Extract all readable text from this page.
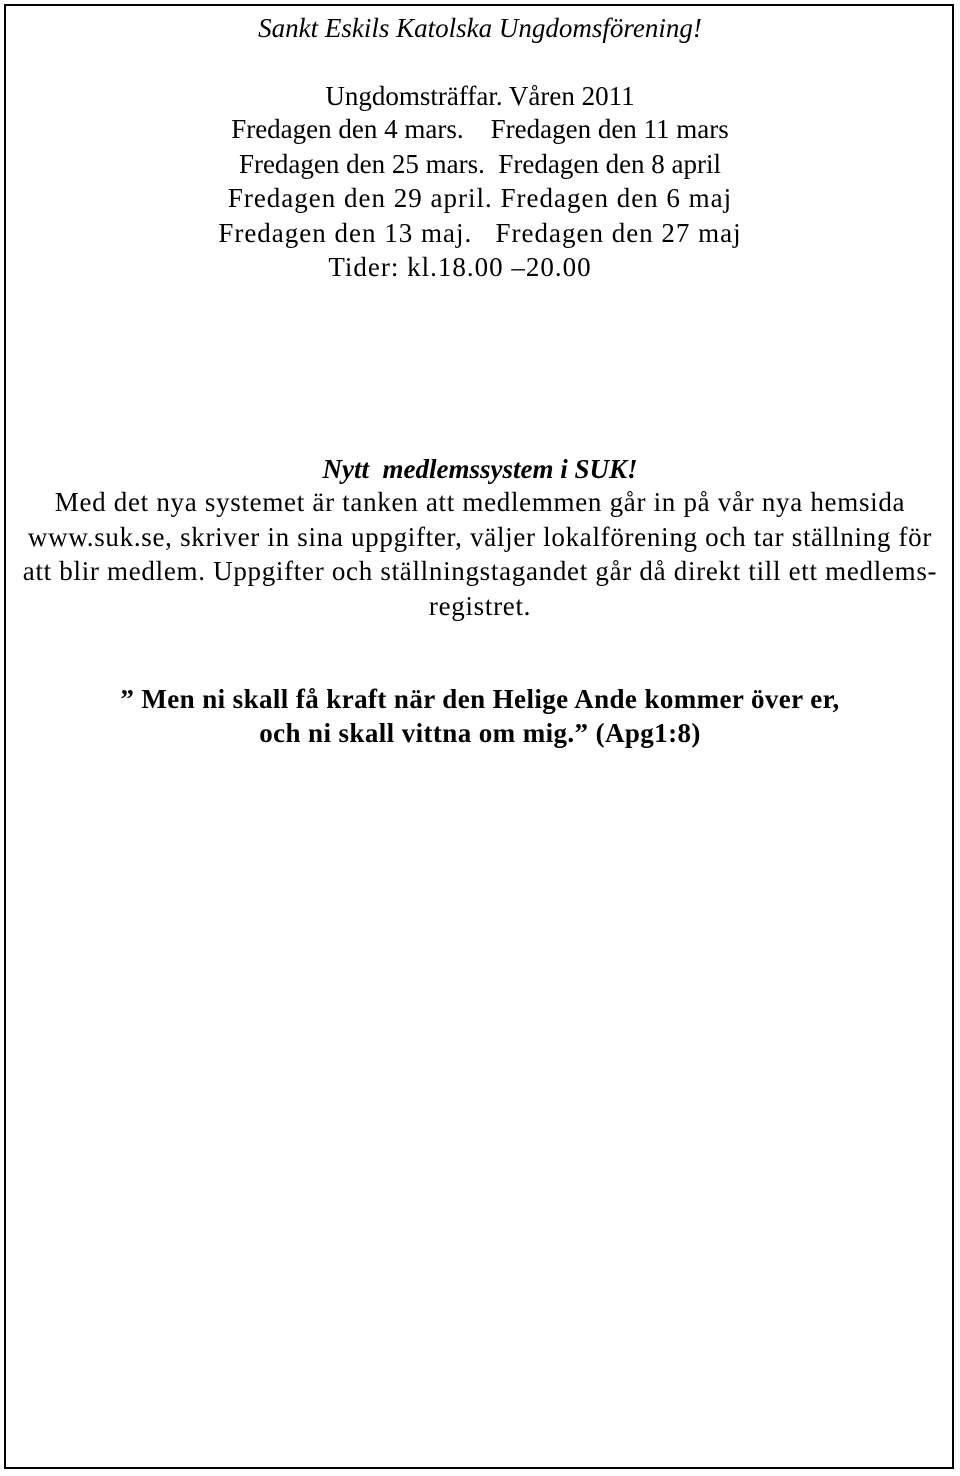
Sankt Eskils Katolska Ungdomsförening!

Ungdomsträffar. Våren 2011

Fredagen den 4 mars.    Fredagen den 11 mars

Fredagen den 25 mars.  Fredagen den 8 april

Fredagen den 29 april. Fredagen den 6 maj

Fredagen den 13 maj.   Fredagen den 27 maj

Tider: kl.18.00 –20.00

Nytt  medlemssystem i SUK!

Med det nya systemet är tanken att medlemmen går in på vår nya hemsida

www.suk.se, skriver in sina uppgifter, väljer lokalförening och tar ställning för

att blir medlem. Uppgifter och ställningstagandet går då direkt till ett medlems-

registret.

” Men ni skall få kraft när den Helige Ande kommer över er,

och ni skall vittna om mig.” (Apg1:8)
